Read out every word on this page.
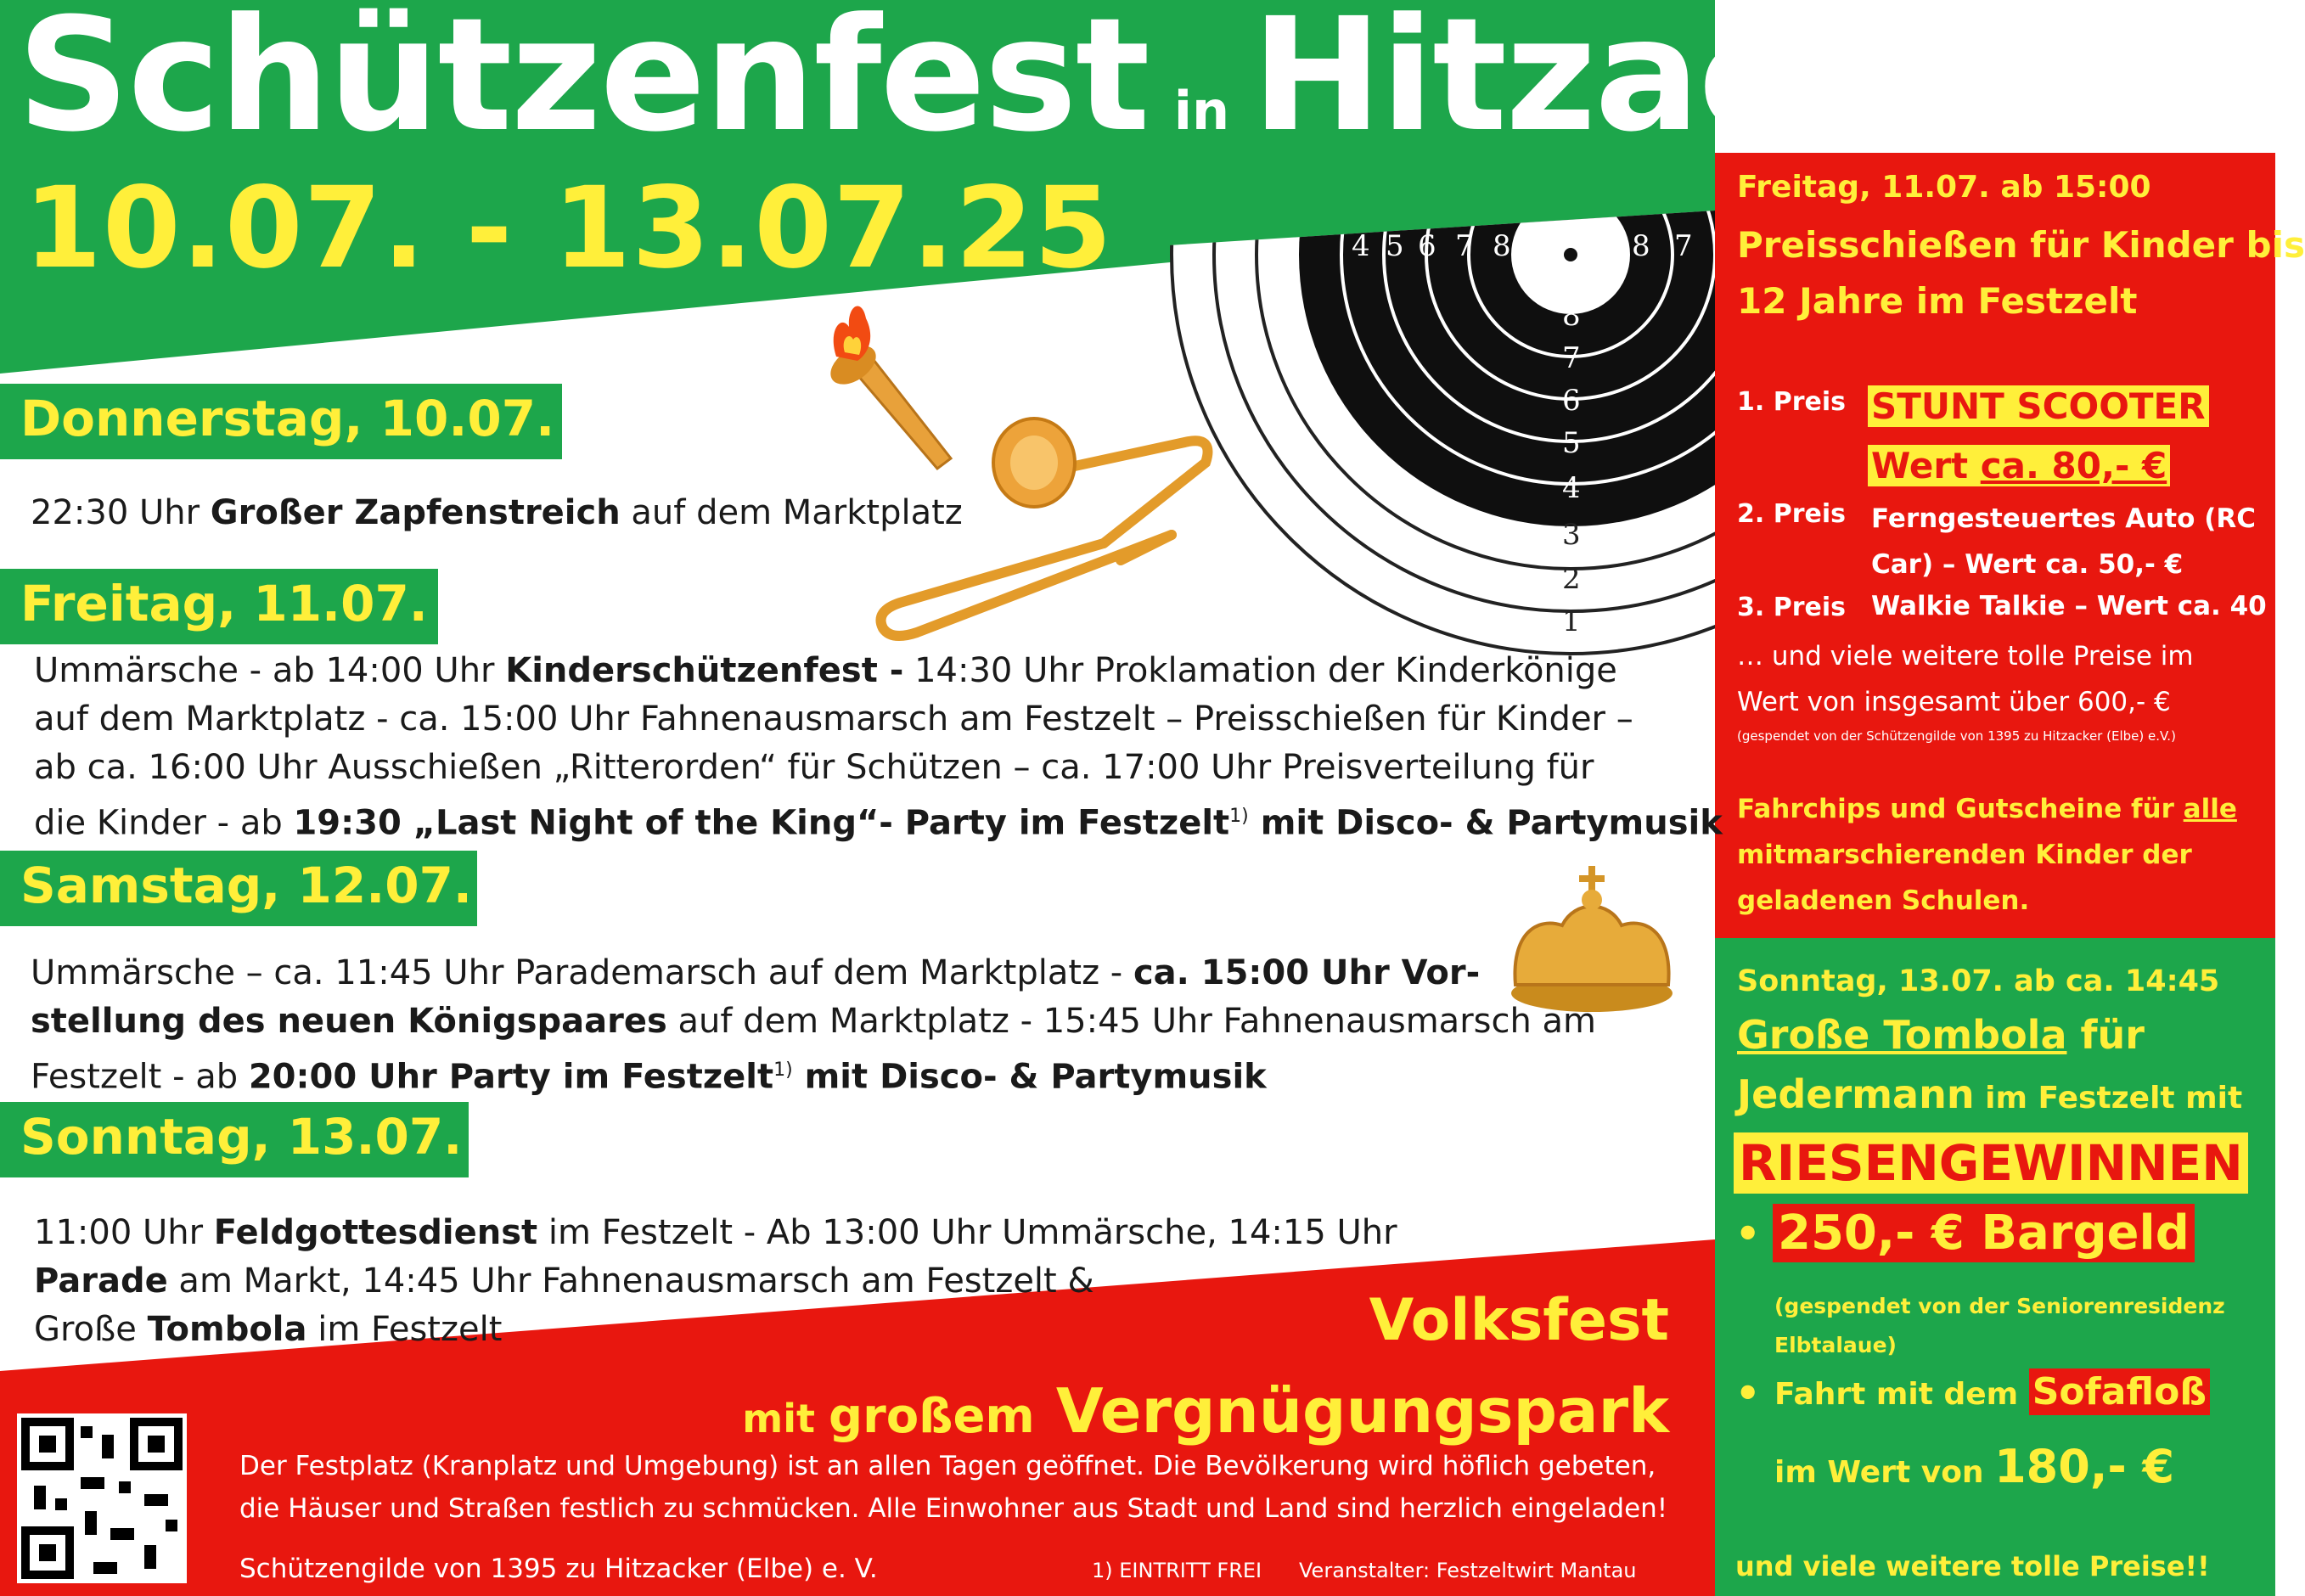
4 5 6 7 8	8 7
8
7
6
5
4
3
2
1
Schützenfest in Hitzacker (Elbe)
10.07. - 13.07.25
Donnerstag, 10.07.
22:30 Uhr Großer Zapfenstreich auf dem Marktplatz
Freitag, 11.07.
Ummärsche - ab 14:00 Uhr Kinderschützenfest - 14:30 Uhr Proklamation der Kinderkönige
auf dem Marktplatz - ca. 15:00 Uhr Fahnenausmarsch am Festzelt – Preisschießen für Kinder –
ab ca. 16:00 Uhr Ausschießen „Ritterorden“ für Schützen – ca. 17:00 Uhr Preisverteilung für
die Kinder - ab 19:30 „Last Night of the King“- Party im Festzelt$^{1)}$ mit Disco- & Partymusik
Samstag, 12.07.
Ummärsche – ca. 11:45 Uhr Parademarsch auf dem Marktplatz - ca. 15:00 Uhr Vor-
stellung des neuen Königspaares auf dem Marktplatz - 15:45 Uhr Fahnenausmarsch am
Festzelt - ab 20:00 Uhr Party im Festzelt$^{1)}$ mit Disco- & Partymusik
Sonntag, 13.07.
11:00 Uhr Feldgottesdienst im Festzelt - Ab 13:00 Uhr Ummärsche, 14:15 Uhr
Parade am Markt, 14:45 Uhr Fahnenausmarsch am Festzelt &
Große Tombola im Festzelt	Volksfest
mit großem Vergnügungspark
Der Festplatz (Kranplatz und Umgebung) ist an allen Tagen geöffnet. Die Bevölkerung wird höflich gebeten,
die Häuser und Straßen festlich zu schmücken. Alle Einwohner aus Stadt und Land sind herzlich eingeladen!
Schützengilde von 1395 zu Hitzacker (Elbe) e. V.	1) EINTRITT FREI Veranstalter: Festzeltwirt Mantau
Freitag, 11.07. ab 15:00
Preisschießen für Kinder bis
12 Jahre im Festzelt
1. Preis STUNT SCOOTER
Wert ca. 80,- €
2. Preis Ferngesteuertes Auto (RC
Car) – Wert ca. 50,- €
3. Preis Walkie Talkie – Wert ca. 40 €
… und viele weitere tolle Preise im
Wert von insgesamt über 600,- €
(gespendet von der Schützengilde von 1395 zu Hitzacker (Elbe) e.V.)
Fahrchips und Gutscheine für alle
mitmarschierenden Kinder der
geladenen Schulen.
Sonntag, 13.07. ab ca. 14:45
Große Tombola für
Jedermann im Festzelt mit
RIESENGEWINNEN
• 250,- € Bargeld
(gespendet von der Seniorenresidenz
Elbtalaue)
• Fahrt mit dem Sofafloß
im Wert von 180,- €
und viele weitere tolle Preise!!
